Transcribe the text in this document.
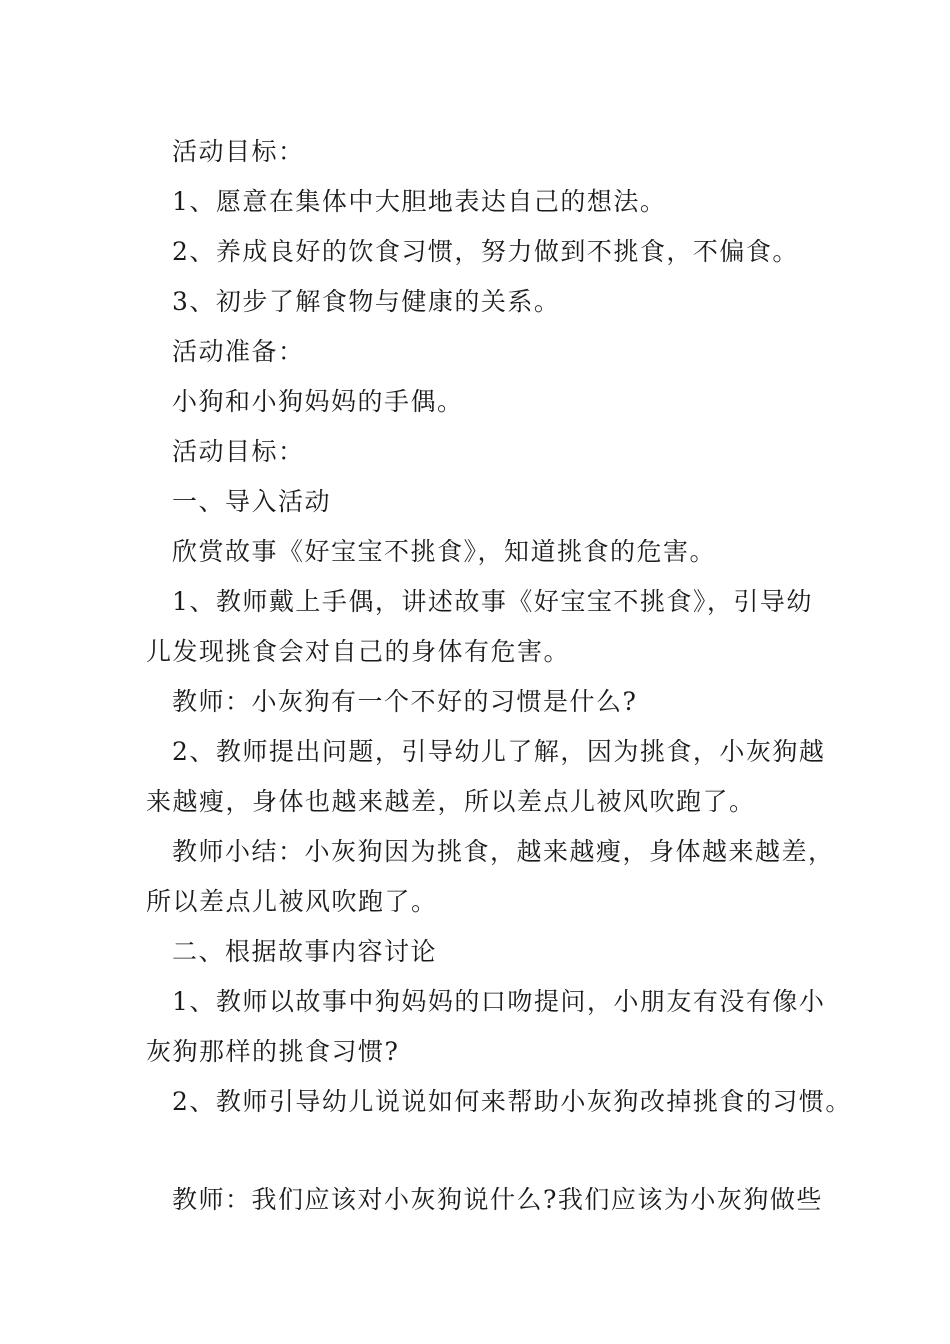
活动目标：
1、愿意在集体中大胆地表达自己的想法。
2、养成良好的饮食习惯，努力做到不挑食，不偏食。
3、初步了解食物与健康的关系。
活动准备：
小狗和小狗妈妈的手偶。
活动目标：
一、导入活动
欣赏故事《好宝宝不挑食》，知道挑食的危害。
1、教师戴上手偶，讲述故事《好宝宝不挑食》，引导幼
儿发现挑食会对自己的身体有危害。
教师：小灰狗有一个不好的习惯是什么?
2、教师提出问题，引导幼儿了解，因为挑食，小灰狗越
来越瘦，身体也越来越差，所以差点儿被风吹跑了。
教师小结：小灰狗因为挑食，越来越瘦，身体越来越差，
所以差点儿被风吹跑了。
二、根据故事内容讨论
1、教师以故事中狗妈妈的口吻提问，小朋友有没有像小
灰狗那样的挑食习惯?
2、教师引导幼儿说说如何来帮助小灰狗改掉挑食的习惯。
教师：我们应该对小灰狗说什么?我们应该为小灰狗做些
